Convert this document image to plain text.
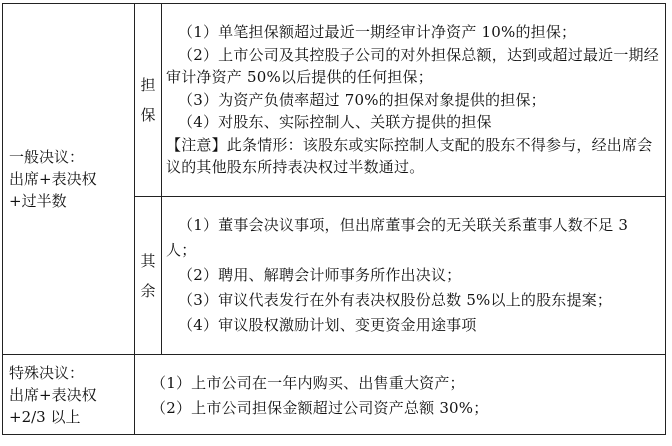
一般决议：
出席+表决权
+过半数	担
保	（1）单笔担保额超过最近一期经审计净资产 10%的担保；
（2）上市公司及其控股子公司的对外担保总额，达到或超过最近一期经审计净资产 50%以后提供的任何担保；
（3）为资产负债率超过 70%的担保对象提供的担保；
（4）对股东、实际控制人、关联方提供的担保
【注意】此条情形：该股东或实际控制人支配的股东不得参与，经出席会议的其他股东所持表决权过半数通过。

	其
余	（1）董事会决议事项，但出席董事会的无关联关系董事人数不足 3 人；
（2）聘用、解聘会计师事务所作出决议；
（3）审议代表发行在外有表决权股份总数 5%以上的股东提案；
（4）审议股权激励计划、变更资金用途事项

特殊决议：
出席+表决权
+2/3 以上	（1）上市公司在一年内购买、出售重大资产；
（2）上市公司担保金额超过公司资产总额 30%；	
